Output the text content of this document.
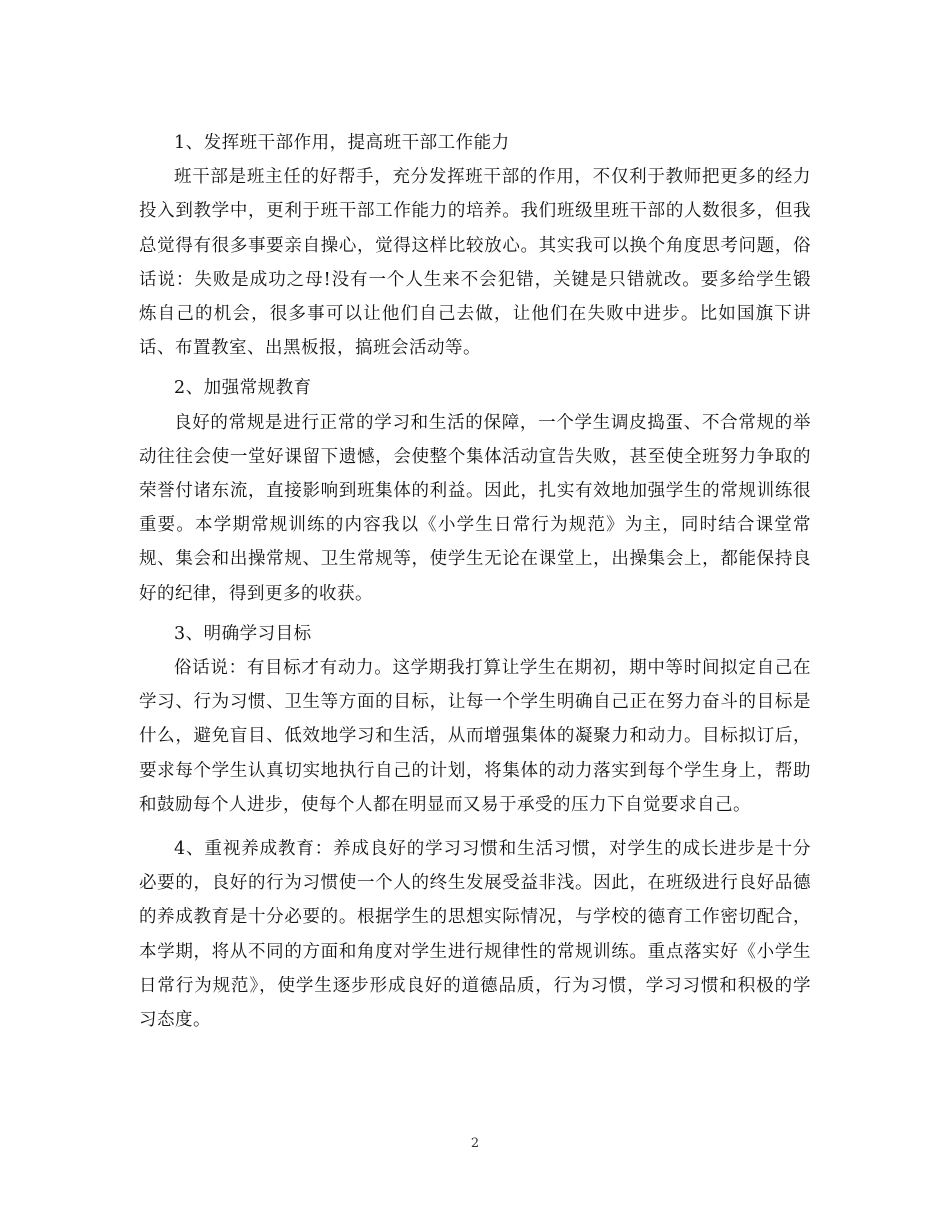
1、发挥班干部作用，提高班干部工作能力

班干部是班主任的好帮手，充分发挥班干部的作用，不仅利于教师把更多的经力投入到教学中，更利于班干部工作能力的培养。我们班级里班干部的人数很多，但我总觉得有很多事要亲自操心，觉得这样比较放心。其实我可以换个角度思考问题，俗话说：失败是成功之母!没有一个人生来不会犯错，关键是只错就改。要多给学生锻炼自己的机会，很多事可以让他们自己去做，让他们在失败中进步。比如国旗下讲话、布置教室、出黑板报，搞班会活动等。

2、加强常规教育

良好的常规是进行正常的学习和生活的保障，一个学生调皮捣蛋、不合常规的举动往往会使一堂好课留下遗憾，会使整个集体活动宣告失败，甚至使全班努力争取的荣誉付诸东流，直接影响到班集体的利益。因此，扎实有效地加强学生的常规训练很重要。本学期常规训练的内容我以《小学生日常行为规范》为主，同时结合课堂常规、集会和出操常规、卫生常规等，使学生无论在课堂上，出操集会上，都能保持良好的纪律，得到更多的收获。

3、明确学习目标

俗话说：有目标才有动力。这学期我打算让学生在期初，期中等时间拟定自己在学习、行为习惯、卫生等方面的目标，让每一个学生明确自己正在努力奋斗的目标是什么，避免盲目、低效地学习和生活，从而增强集体的凝聚力和动力。目标拟订后，要求每个学生认真切实地执行自己的计划，将集体的动力落实到每个学生身上，帮助和鼓励每个人进步，使每个人都在明显而又易于承受的压力下自觉要求自己。

4、重视养成教育：养成良好的学习习惯和生活习惯，对学生的成长进步是十分必要的，良好的行为习惯使一个人的终生发展受益非浅。因此，在班级进行良好品德的养成教育是十分必要的。根据学生的思想实际情况，与学校的德育工作密切配合，本学期，将从不同的方面和角度对学生进行规律性的常规训练。重点落实好《小学生日常行为规范》，使学生逐步形成良好的道德品质，行为习惯，学习习惯和积极的学习态度。

2
